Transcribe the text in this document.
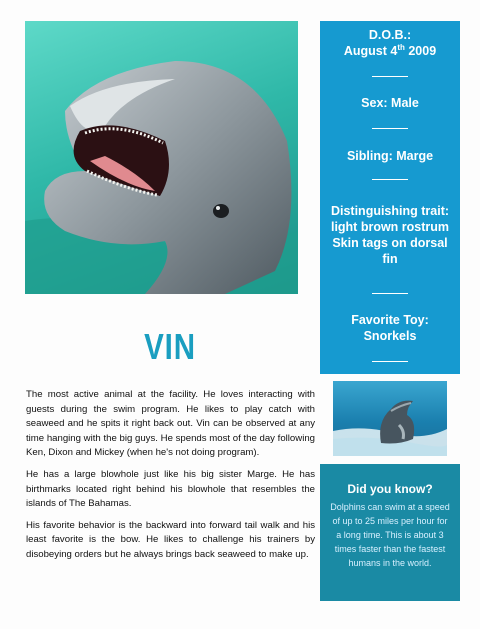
VIN

The most active animal at the facility. He loves interacting with guests during the swim program. He likes to play catch with seaweed and he spits it right back out. Vin can be observed at any time hanging with the big guys. He spends most of the day following Ken, Dixon and Mickey (when he's not doing program).

He has a large blowhole just like his big sister Marge. He has birthmarks located right behind his blowhole that resembles the islands of The Bahamas.

His favorite behavior is the backward into forward tail walk and his least favorite is the bow. He likes to challenge his trainers by disobeying orders but he always brings back seaweed to make up.

D.O.B.:
August 4th 2009
Sex: Male
Sibling: Marge
Distinguishing trait:
light brown rostrum
Skin tags on dorsal fin
Favorite Toy:
Snorkels
Did you know?
Dolphins can swim at a speed of up to 25 miles per hour for a long time. This is about 3 times faster than the fastest humans in the world.
